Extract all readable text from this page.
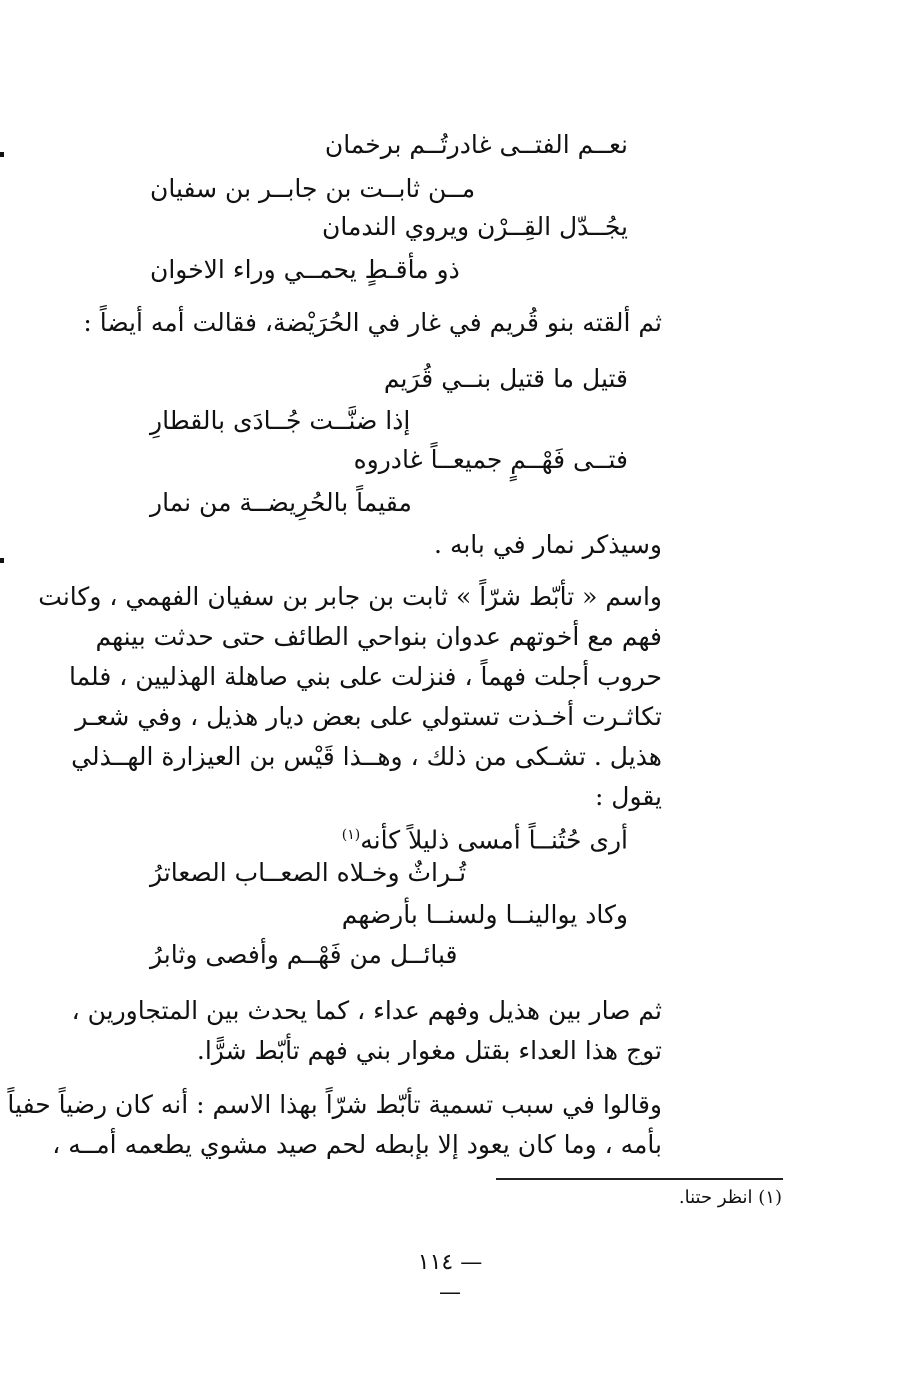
نعــم الفتــى غادرتُــم برخمان
مــن ثابــت بن جابــر بن سفيان
يجُــدّل القِــرْن ويروي الندمان
ذو مأقـطٍ يحمــي وراء الاخوان
ثم ألقته بنو قُريم في غار في الحُرَيْضة، فقالت أمه أيضاً :
قتيل ما قتيل بنــي قُرَيم
إذا ضنَّــت جُــادَى بالقطارِ
فتــى فَهْــمٍ جميعــاً غادروه
مقيماً بالحُرِيضــة من نمار
وسيذكر نمار في بابه .
واسم « تأبّط شرّاً » ثابت بن جابر بن سفيان الفهمي ، وكانت
فهم مع أخوتهم عدوان بنواحي الطائف حتى حدثت بينهم
حروب أجلت فهماً ، فنزلت على بني صاهلة الهذليين ، فلما
تكاثـرت أخـذت تستولي على بعض ديار هذيل ، وفي شعـر
هذيل . تشـكى من ذلك ، وهــذا قَيْس بن العيزارة الهــذلي
يقول :
أرى حُتُنــاً أمسى ذليلاً كأنه$^{(١)}$
تُـراثٌ وخـلاه الصعــاب الصعاترُ
وكاد يوالينــا ولسنــا بأرضهم
قبائــل من فَهْــم وأفصى وثابرُ
ثم صار بين هذيل وفهم عداء ، كما يحدث بين المتجاورين ،
توج هذا العداء بقتل مغوار بني فهم تأبّط شرًّا.
وقالوا في سبب تسمية تأبّط شرّاً بهذا الاسم : أنه كان رضياً حفياً
بأمه ، وما كان يعود إلا بإبطه لحم صيد مشوي يطعمه أمــه ،
(١) انظر حتنا.
— ١١٤ —
